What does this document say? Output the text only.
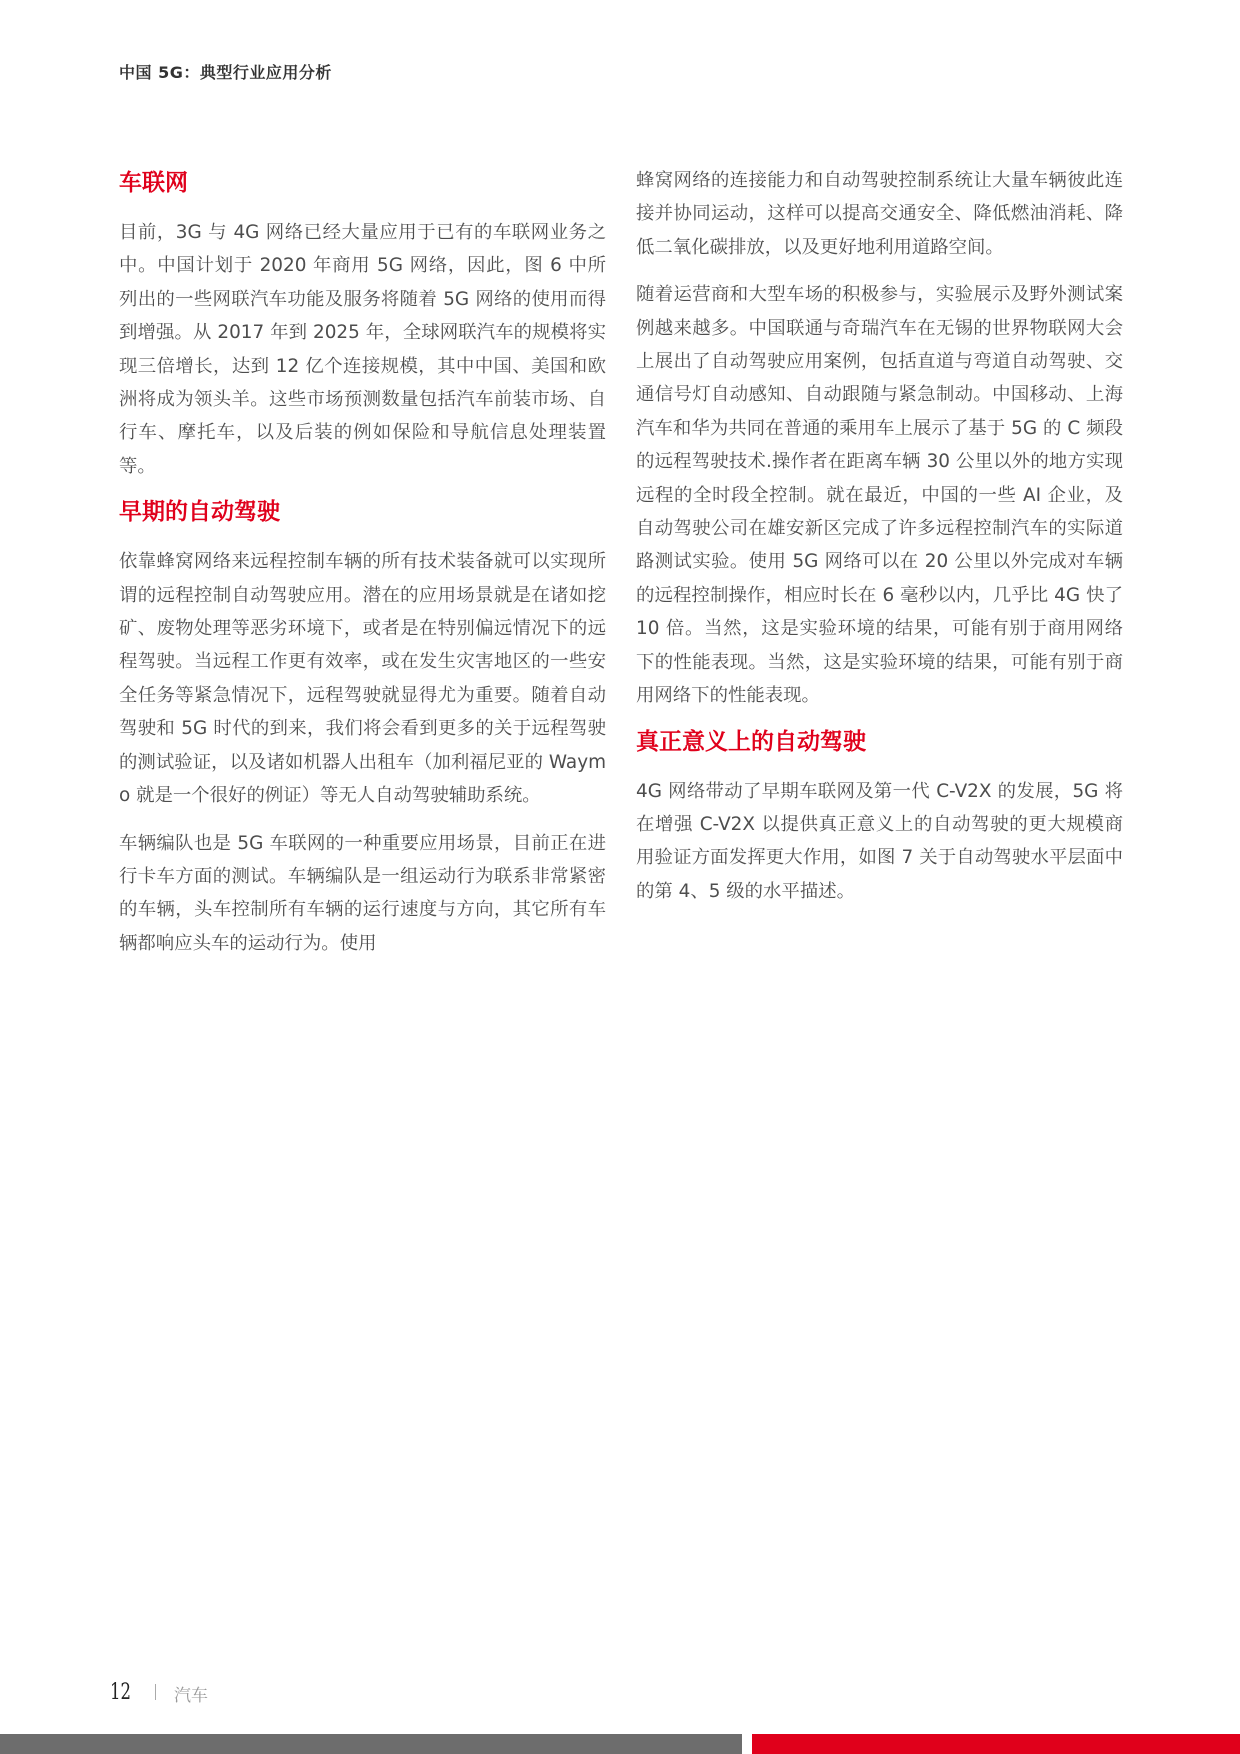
中国 5G：典型行业应用分析
车联网

目前，3G 与 4G 网络已经大量应用于已有的车联网业务之中。中国计划于 2020 年商用 5G 网络，因此，图 6 中所列出的一些网联汽车功能及服务将随着 5G 网络的使用而得到增强。从 2017 年到 2025 年，全球网联汽车的规模将实现三倍增长，达到 12 亿个连接规模，其中中国、美国和欧洲将成为领头羊。这些市场预测数量包括汽车前装市场、自行车、摩托车，以及后装的例如保险和导航信息处理装置等。

早期的自动驾驶

依靠蜂窝网络来远程控制车辆的所有技术装备就可以实现所谓的远程控制自动驾驶应用。潜在的应用场景就是在诸如挖矿、废物处理等恶劣环境下，或者是在特别偏远情况下的远程驾驶。当远程工作更有效率，或在发生灾害地区的一些安全任务等紧急情况下，远程驾驶就显得尤为重要。随着自动驾驶和 5G 时代的到来，我们将会看到更多的关于远程驾驶的测试验证，以及诸如机器人出租车（加利福尼亚的 Waymo 就是一个很好的例证）等无人自动驾驶辅助系统。

车辆编队也是 5G 车联网的一种重要应用场景，目前正在进行卡车方面的测试。车辆编队是一组运动行为联系非常紧密的车辆，头车控制所有车辆的运行速度与方向，其它所有车辆都响应头车的运动行为。使用

蜂窝网络的连接能力和自动驾驶控制系统让大量车辆彼此连接并协同运动，这样可以提高交通安全、降低燃油消耗、降低二氧化碳排放，以及更好地利用道路空间。

随着运营商和大型车场的积极参与，实验展示及野外测试案例越来越多。中国联通与奇瑞汽车在无锡的世界物联网大会上展出了自动驾驶应用案例，包括直道与弯道自动驾驶、交通信号灯自动感知、自动跟随与紧急制动。中国移动、上海汽车和华为共同在普通的乘用车上展示了基于 5G 的 C 频段的远程驾驶技术.操作者在距离车辆 30 公里以外的地方实现远程的全时段全控制。就在最近，中国的一些 AI 企业，及自动驾驶公司在雄安新区完成了许多远程控制汽车的实际道路测试实验。使用 5G 网络可以在 20 公里以外完成对车辆的远程控制操作，相应时长在 6 毫秒以内，几乎比 4G 快了 10 倍。当然，这是实验环境的结果，可能有别于商用网络下的性能表现。当然，这是实验环境的结果，可能有别于商用网络下的性能表现。

真正意义上的自动驾驶

4G 网络带动了早期车联网及第一代 C-V2X 的发展，5G 将在增强 C-V2X 以提供真正意义上的自动驾驶的更大规模商用验证方面发挥更大作用，如图 7 关于自动驾驶水平层面中的第 4、5 级的水平描述。

12	汽车
